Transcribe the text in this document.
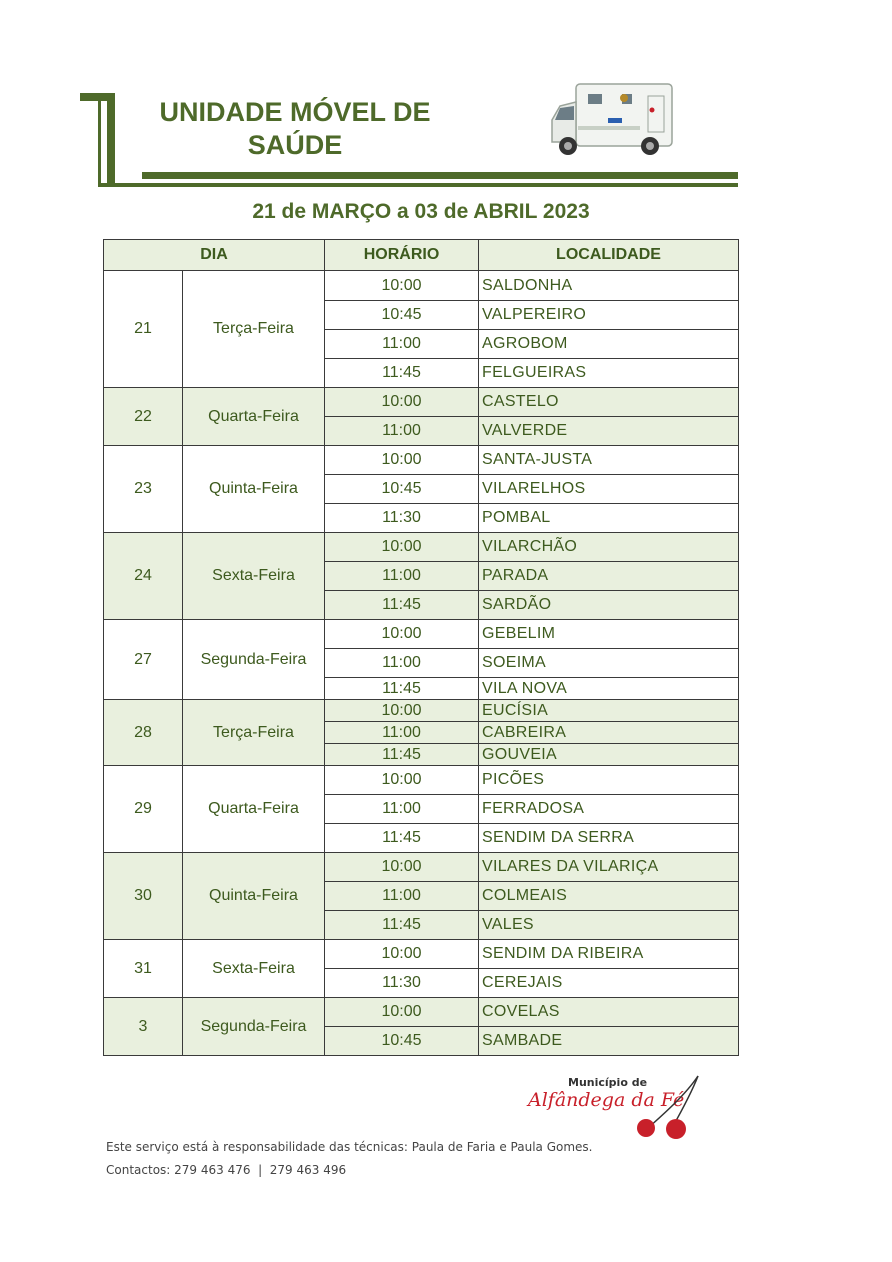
UNIDADE MÓVEL DE
SAÚDE
21 de MARÇO a 03 de ABRIL 2023
DIA		HORÁRIO	LOCALIDADE
21	Terça-Feira	10:00	SALDONHA
		10:45	VALPEREIRO
		11:00	AGROBOM
		11:45	FELGUEIRAS
22	Quarta-Feira	10:00	CASTELO
		11:00	VALVERDE
23	Quinta-Feira	10:00	SANTA-JUSTA
		10:45	VILARELHOS
		11:30	POMBAL
24	Sexta-Feira	10:00	VILARCHÃO
		11:00	PARADA
		11:45	SARDÃO
27	Segunda-Feira	10:00	GEBELIM
		11:00	SOEIMA
		11:45	VILA NOVA
28	Terça-Feira	10:00	EUCÍSIA
		11:00	CABREIRA
		11:45	GOUVEIA
29	Quarta-Feira	10:00	PICÕES
		11:00	FERRADOSA
		11:45	SENDIM DA SERRA
30	Quinta-Feira	10:00	VILARES DA VILARIÇA
		11:00	COLMEAIS
		11:45	VALES
31	Sexta-Feira	10:00	SENDIM DA RIBEIRA
		11:30	CEREJAIS
3	Segunda-Feira	10:00	COVELAS
		10:45	SAMBADE
Município de
Alfândega da Fé
Este serviço está à responsabilidade das técnicas: Paula de Faria e Paula Gomes.
Contactos: 279 463 476  |  279 463 496
